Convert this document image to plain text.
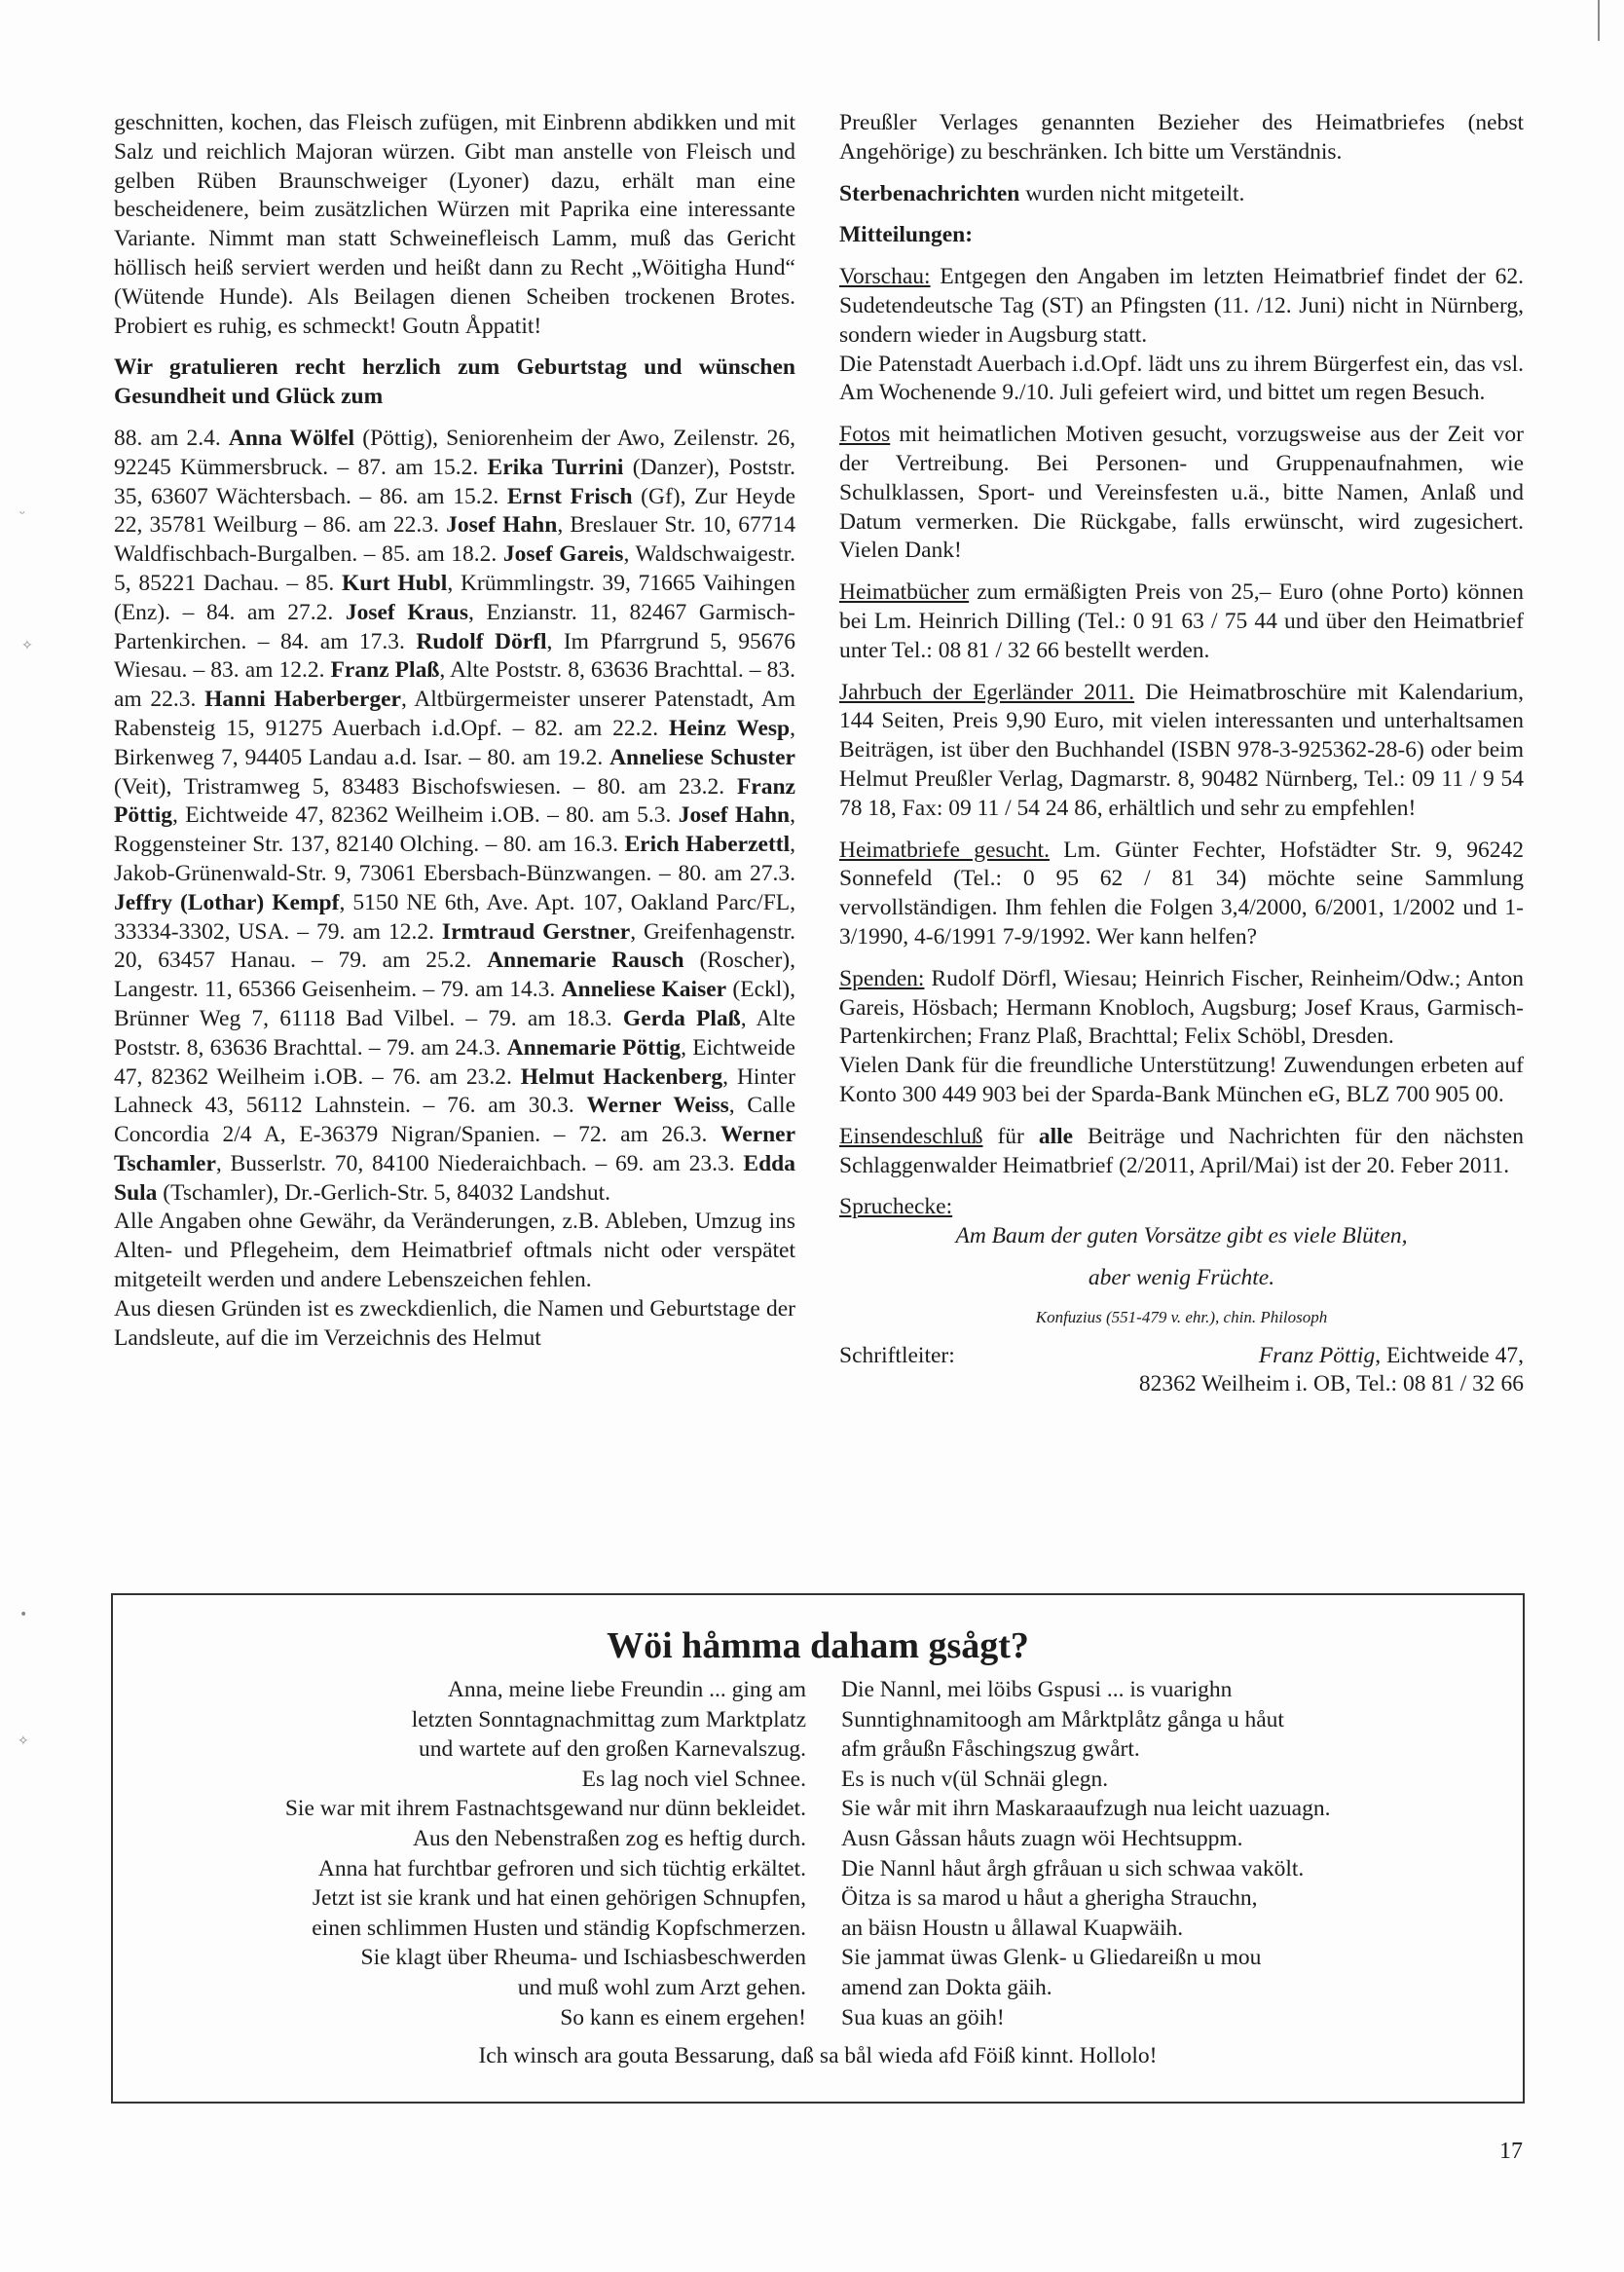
geschnitten, kochen, das Fleisch zufügen, mit Einbrenn abdikken und mit Salz und reichlich Majoran würzen. Gibt man anstelle von Fleisch und gelben Rüben Braunschweiger (Lyoner) dazu, erhält man eine bescheidenere, beim zusätzlichen Würzen mit Paprika eine interessante Variante. Nimmt man statt Schweinefleisch Lamm, muß das Gericht höllisch heiß serviert werden und heißt dann zu Recht „Wöitigha Hund“ (Wütende Hunde). Als Beilagen dienen Scheiben trockenen Brotes. Probiert es ruhig, es schmeckt! Goutn Åppatit!

Wir gratulieren recht herzlich zum Geburtstag und wünschen Gesundheit und Glück zum

88. am 2.4. Anna Wölfel (Pöttig), Seniorenheim der Awo, Zeilenstr. 26, 92245 Kümmersbruck. – 87. am 15.2. Erika Turrini (Danzer), Poststr. 35, 63607 Wächtersbach. – 86. am 15.2. Ernst Frisch (Gf), Zur Heyde 22, 35781 Weilburg – 86. am 22.3. Josef Hahn, Breslauer Str. 10, 67714 Waldfischbach-Burgalben. – 85. am 18.2. Josef Gareis, Waldschwaigestr. 5, 85221 Dachau. – 85. Kurt Hubl, Krümmlingstr. 39, 71665 Vaihingen (Enz). – 84. am 27.2. Josef Kraus, Enzianstr. 11, 82467 Garmisch-Partenkirchen. – 84. am 17.3. Rudolf Dörfl, Im Pfarrgrund 5, 95676 Wiesau. – 83. am 12.2. Franz Plaß, Alte Poststr. 8, 63636 Brachttal. – 83. am 22.3. Hanni Haberberger, Altbürgermeister unserer Patenstadt, Am Rabensteig 15, 91275 Auerbach i.d.Opf. – 82. am 22.2. Heinz Wesp, Birkenweg 7, 94405 Landau a.d. Isar. – 80. am 19.2. Anneliese Schuster (Veit), Tristramweg 5, 83483 Bischofswiesen. – 80. am 23.2. Franz Pöttig, Eichtweide 47, 82362 Weilheim i.OB. – 80. am 5.3. Josef Hahn, Roggensteiner Str. 137, 82140 Olching. – 80. am 16.3. Erich Haberzettl, Jakob-Grünenwald-Str. 9, 73061 Ebersbach-Bünzwangen. – 80. am 27.3. Jeffry (Lothar) Kempf, 5150 NE 6th, Ave. Apt. 107, Oakland Parc/FL, 33334-3302, USA. – 79. am 12.2. Irmtraud Gerstner, Greifenhagenstr. 20, 63457 Hanau. – 79. am 25.2. Annemarie Rausch (Roscher), Langestr. 11, 65366 Geisenheim. – 79. am 14.3. Anneliese Kaiser (Eckl), Brünner Weg 7, 61118 Bad Vilbel. – 79. am 18.3. Gerda Plaß, Alte Poststr. 8, 63636 Brachttal. – 79. am 24.3. Annemarie Pöttig, Eichtweide 47, 82362 Weilheim i.OB. – 76. am 23.2. Helmut Hackenberg, Hinter Lahneck 43, 56112 Lahnstein. – 76. am 30.3. Werner Weiss, Calle Concordia 2/4 A, E-36379 Nigran/Spanien. – 72. am 26.3. Werner Tschamler, Busserlstr. 70, 84100 Niederaichbach. – 69. am 23.3. Edda Sula (Tschamler), Dr.-Gerlich-Str. 5, 84032 Landshut.

Alle Angaben ohne Gewähr, da Veränderungen, z.B. Ableben, Umzug ins Alten- und Pflegeheim, dem Heimatbrief oftmals nicht oder verspätet mitgeteilt werden und andere Lebenszeichen fehlen.

Aus diesen Gründen ist es zweckdienlich, die Namen und Geburtstage der Landsleute, auf die im Verzeichnis des Helmut

Preußler Verlages genannten Bezieher des Heimatbriefes (nebst Angehörige) zu beschränken. Ich bitte um Verständnis.

Sterbenachrichten wurden nicht mitgeteilt.

Mitteilungen:

Vorschau: Entgegen den Angaben im letzten Heimatbrief findet der 62. Sudetendeutsche Tag (ST) an Pfingsten (11. /12. Juni) nicht in Nürnberg, sondern wieder in Augsburg statt.

Die Patenstadt Auerbach i.d.Opf. lädt uns zu ihrem Bürgerfest ein, das vsl. Am Wochenende 9./10. Juli gefeiert wird, und bittet um regen Besuch.

Fotos mit heimatlichen Motiven gesucht, vorzugsweise aus der Zeit vor der Vertreibung. Bei Personen- und Gruppenaufnahmen, wie Schulklassen, Sport- und Vereinsfesten u.ä., bitte Namen, Anlaß und Datum vermerken. Die Rückgabe, falls erwünscht, wird zugesichert. Vielen Dank!

Heimatbücher zum ermäßigten Preis von 25,– Euro (ohne Porto) können bei Lm. Heinrich Dilling (Tel.: 0 91 63 / 75 44 und über den Heimatbrief unter Tel.: 08 81 / 32 66 bestellt werden.

Jahrbuch der Egerländer 2011. Die Heimatbroschüre mit Kalendarium, 144 Seiten, Preis 9,90 Euro, mit vielen interessanten und unterhaltsamen Beiträgen, ist über den Buchhandel (ISBN 978-3-925362-28-6) oder beim Helmut Preußler Verlag, Dagmarstr. 8, 90482 Nürnberg, Tel.: 09 11 / 9 54 78 18, Fax: 09 11 / 54 24 86, erhältlich und sehr zu empfehlen!

Heimatbriefe gesucht. Lm. Günter Fechter, Hofstädter Str. 9, 96242 Sonnefeld (Tel.: 0 95 62 / 81 34) möchte seine Sammlung vervollständigen. Ihm fehlen die Folgen 3,4/2000, 6/2001, 1/2002 und 1-3/1990, 4-6/1991 7-9/1992. Wer kann helfen?

Spenden: Rudolf Dörfl, Wiesau; Heinrich Fischer, Reinheim/Odw.; Anton Gareis, Hösbach; Hermann Knobloch, Augsburg; Josef Kraus, Garmisch-Partenkirchen; Franz Plaß, Brachttal; Felix Schöbl, Dresden.

Vielen Dank für die freundliche Unterstützung! Zuwendungen erbeten auf Konto 300 449 903 bei der Sparda-Bank München eG, BLZ 700 905 00.

Einsendeschluß für alle Beiträge und Nachrichten für den nächsten Schlaggenwalder Heimatbrief (2/2011, April/Mai) ist der 20. Feber 2011.

Spruchecke:

Am Baum der guten Vorsätze gibt es viele Blüten,

aber wenig Früchte.

Konfuzius (551-479 v. ehr.), chin. Philosoph

Schriftleiter:	Franz Pöttig, Eichtweide 47,
82362 Weilheim i. OB, Tel.: 08 81 / 32 66
Wöi håmma daham gsågt?
Anna, meine liebe Freundin ... ging am
letzten Sonntagnachmittag zum Marktplatz
und wartete auf den großen Karnevalszug.
Es lag noch viel Schnee.
Sie war mit ihrem Fastnachtsgewand nur dünn bekleidet.
Aus den Nebenstraßen zog es heftig durch.
Anna hat furchtbar gefroren und sich tüchtig erkältet.
Jetzt ist sie krank und hat einen gehörigen Schnupfen,
einen schlimmen Husten und ständig Kopfschmerzen.
Sie klagt über Rheuma- und Ischiasbeschwerden
und muß wohl zum Arzt gehen.
So kann es einem ergehen!
Die Nannl, mei löibs Gspusi ... is vuarighn
Sunntighnamitoogh am Mårktplåtz gånga u håut
afm gråußn Fåschingszug gwårt.
Es is nuch v(ül Schnäi glegn.
Sie wår mit ihrn Maskaraaufzugh nua leicht uazuagn.
Ausn Gåssan håuts zuagn wöi Hechtsuppm.
Die Nannl håut årgh gfråuan u sich schwaa vakölt.
Öitza is sa marod u håut a gherigha Strauchn,
an bäisn Houstn u ållawal Kuapwäih.
Sie jammat üwas Glenk- u Gliedareißn u mou
amend zan Dokta gäih.
Sua kuas an göih!
Ich winsch ara gouta Bessarung, daß sa bål wieda afd Föiß kinnt. Hollolo!
17
ᵕ
✧
•
✧
